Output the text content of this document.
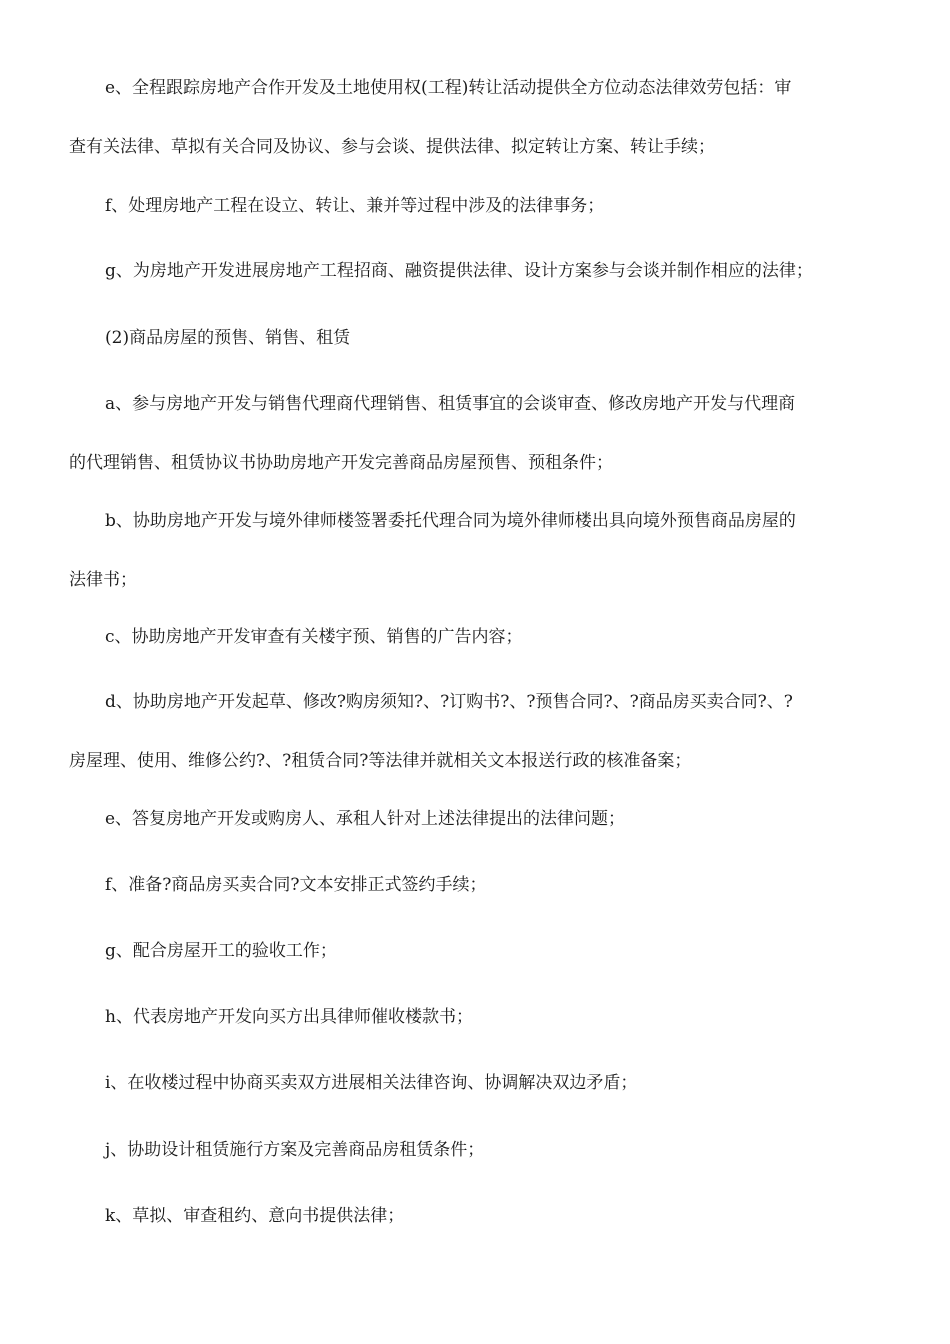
e、全程跟踪房地产合作开发及土地使用权(工程)转让活动提供全方位动态法律效劳包括：审
查有关法律、草拟有关合同及协议、参与会谈、提供法律、拟定转让方案、转让手续；

f、处理房地产工程在设立、转让、兼并等过程中涉及的法律事务；

g、为房地产开发进展房地产工程招商、融资提供法律、设计方案参与会谈并制作相应的法律；

(2)商品房屋的预售、销售、租赁

a、参与房地产开发与销售代理商代理销售、租赁事宜的会谈审查、修改房地产开发与代理商
的代理销售、租赁协议书协助房地产开发完善商品房屋预售、预租条件；

b、协助房地产开发与境外律师楼签署委托代理合同为境外律师楼出具向境外预售商品房屋的
法律书；

c、协助房地产开发审查有关楼宇预、销售的广告内容；

d、协助房地产开发起草、修改?购房须知?、?订购书?、?预售合同?、?商品房买卖合同?、?
房屋理、使用、维修公约?、?租赁合同?等法律并就相关文本报送行政的核准备案；

e、答复房地产开发或购房人、承租人针对上述法律提出的法律问题；

f、准备?商品房买卖合同?文本安排正式签约手续；

g、配合房屋开工的验收工作；

h、代表房地产开发向买方出具律师催收楼款书；

i、在收楼过程中协商买卖双方进展相关法律咨询、协调解决双边矛盾；

j、协助设计租赁施行方案及完善商品房租赁条件；

k、草拟、审查租约、意向书提供法律；
